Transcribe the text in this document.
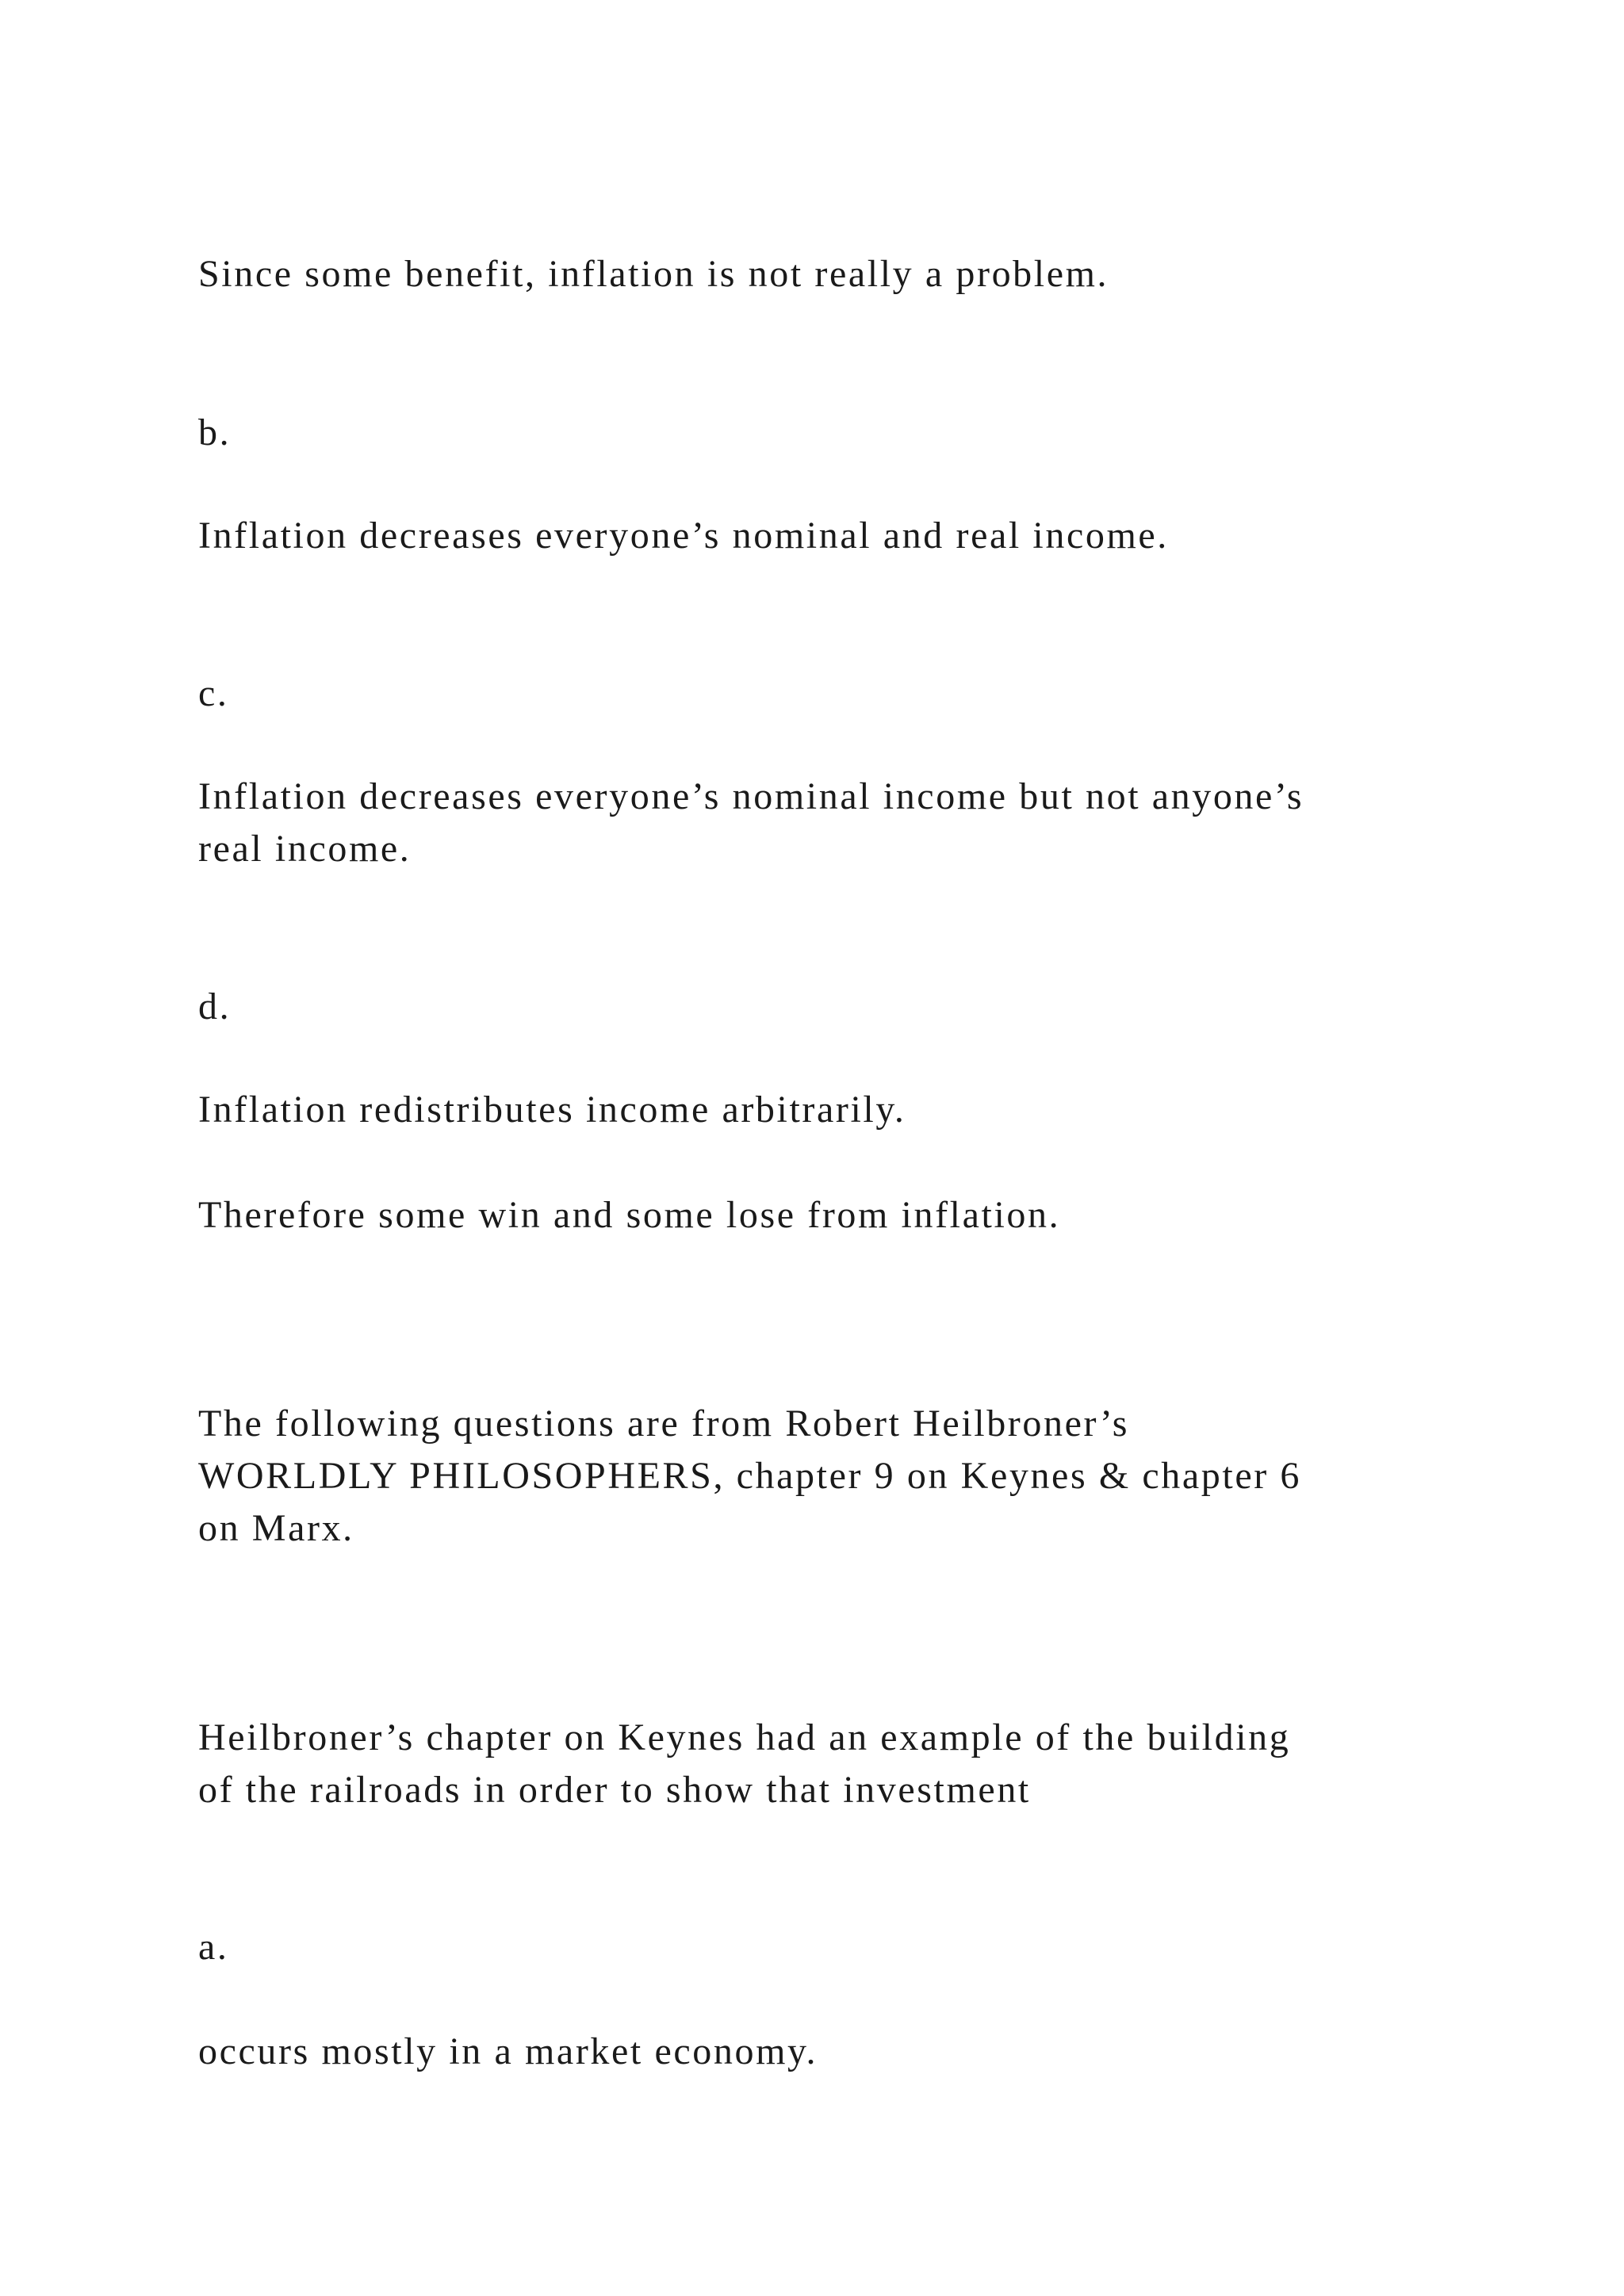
Since some benefit, inflation is not really a problem.

b.

Inflation decreases everyone’s nominal and real income.

c.

Inflation decreases everyone’s nominal income but not anyone’s

real income.

d.

Inflation redistributes income arbitrarily.

Therefore some win and some lose from inflation.

The following questions are from Robert Heilbroner’s

WORLDLY PHILOSOPHERS, chapter 9 on Keynes & chapter 6

on Marx.

Heilbroner’s chapter on Keynes had an example of the building

of the railroads in order to show that investment

a.

occurs mostly in a market economy.
